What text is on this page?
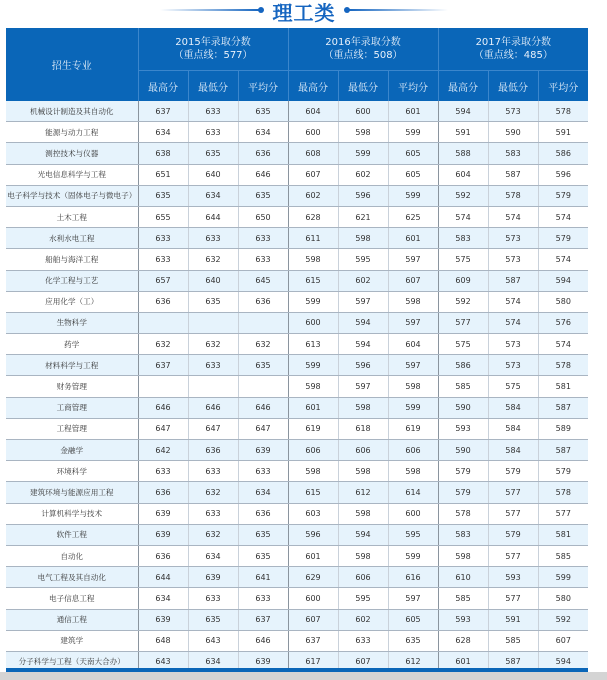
理工类
招生专业	2015年录取分数
（重点线：577）			2016年录取分数
（重点线：508）			2017年录取分数
（重点线：485）		
	最高分	最低分	平均分	最高分	最低分	平均分	最高分	最低分	平均分
机械设计制造及其自动化	637	633	635	604	600	601	594	573	578
能源与动力工程	634	633	634	600	598	599	591	590	591
测控技术与仪器	638	635	636	608	599	605	588	583	586
光电信息科学与工程	651	640	646	607	602	605	604	587	596
电子科学与技术（固体电子与微电子）	635	634	635	602	596	599	592	578	579
土木工程	655	644	650	628	621	625	574	574	574
水利水电工程	633	633	633	611	598	601	583	573	579
船舶与海洋工程	633	632	633	598	595	597	575	573	574
化学工程与工艺	657	640	645	615	602	607	609	587	594
应用化学（工）	636	635	636	599	597	598	592	574	580
生物科学				600	594	597	577	574	576
药学	632	632	632	613	594	604	575	573	574
材料科学与工程	637	633	635	599	596	597	586	573	578
财务管理				598	597	598	585	575	581
工商管理	646	646	646	601	598	599	590	584	587
工程管理	647	647	647	619	618	619	593	584	589
金融学	642	636	639	606	606	606	590	584	587
环境科学	633	633	633	598	598	598	579	579	579
建筑环境与能源应用工程	636	632	634	615	612	614	579	577	578
计算机科学与技术	639	633	636	603	598	600	578	577	577
软件工程	639	632	635	596	594	595	583	579	581
自动化	636	634	635	601	598	599	598	577	585
电气工程及其自动化	644	639	641	629	606	616	610	593	599
电子信息工程	634	633	633	600	595	597	585	577	580
通信工程	639	635	637	607	602	605	593	591	592
建筑学	648	643	646	637	633	635	628	585	607
分子科学与工程（天南大合办）	643	634	639	617	607	612	601	587	594
